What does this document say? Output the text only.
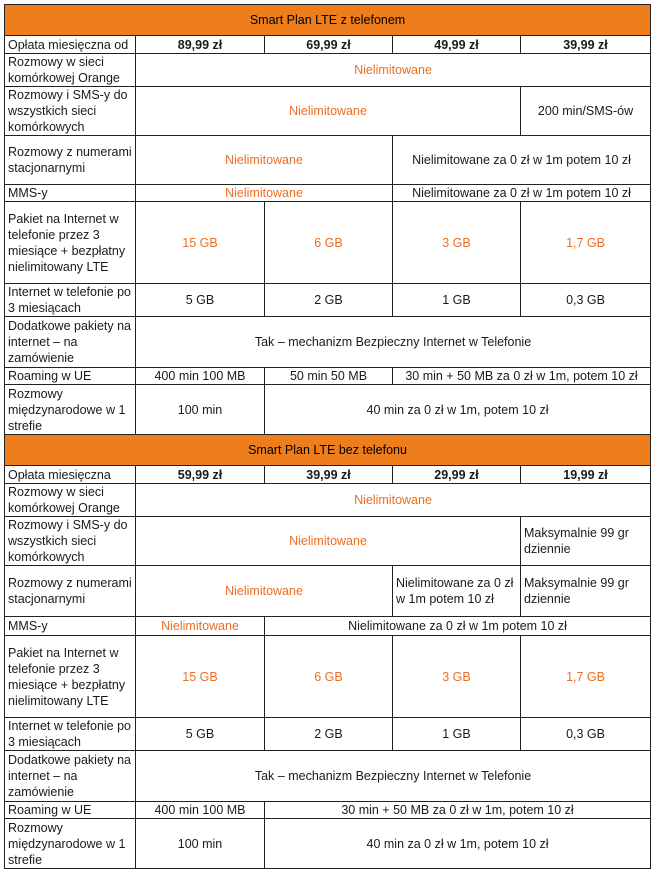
Smart Plan LTE z telefonem				
Opłata miesięczna od	89,99 zł	69,99 zł	49,99 zł	39,99 zł
Rozmowy w sieci komórkowej Orange	Nielimitowane			
Rozmowy i SMS-y do wszystkich sieci komórkowych	Nielimitowane			200 min/SMS-ów
Rozmowy z numerami stacjonarnymi	Nielimitowane		Nielimitowane za 0 zł w 1m potem 10 zł	
MMS-y	Nielimitowane		Nielimitowane za 0 zł w 1m potem 10 zł	
Pakiet na Internet w telefonie przez 3 miesiące + bezpłatny nielimitowany LTE	15 GB	6 GB	3 GB	1,7 GB
Internet w telefonie po 3 miesiącach	5 GB	2 GB	1 GB	0,3 GB
Dodatkowe pakiety na internet – na zamówienie	Tak – mechanizm Bezpieczny Internet w Telefonie			
Roaming w UE	400 min 100 MB	50 min 50 MB	30 min + 50 MB za 0 zł w 1m, potem 10 zł	
Rozmowy międzynarodowe w 1 strefie	100 min	40 min za 0 zł w 1m, potem 10 zł		
Smart Plan LTE bez telefonu				
Opłata miesięczna	59,99 zł	39,99 zł	29,99 zł	19,99 zł
Rozmowy w sieci komórkowej Orange	Nielimitowane			
Rozmowy i SMS-y do wszystkich sieci komórkowych	Nielimitowane			Maksymalnie 99 gr dziennie
Rozmowy z numerami stacjonarnymi	Nielimitowane		Nielimitowane za 0 zł w 1m potem 10 zł	Maksymalnie 99 gr dziennie
MMS-y	Nielimitowane	Nielimitowane za 0 zł w 1m potem 10 zł		
Pakiet na Internet w telefonie przez 3 miesiące + bezpłatny nielimitowany LTE	15 GB	6 GB	3 GB	1,7 GB
Internet w telefonie po 3 miesiącach	5 GB	2 GB	1 GB	0,3 GB
Dodatkowe pakiety na internet – na zamówienie	Tak – mechanizm Bezpieczny Internet w Telefonie			
Roaming w UE	400 min 100 MB	30 min + 50 MB za 0 zł w 1m, potem 10 zł		
Rozmowy międzynarodowe w 1 strefie	100 min	40 min za 0 zł w 1m, potem 10 zł		
